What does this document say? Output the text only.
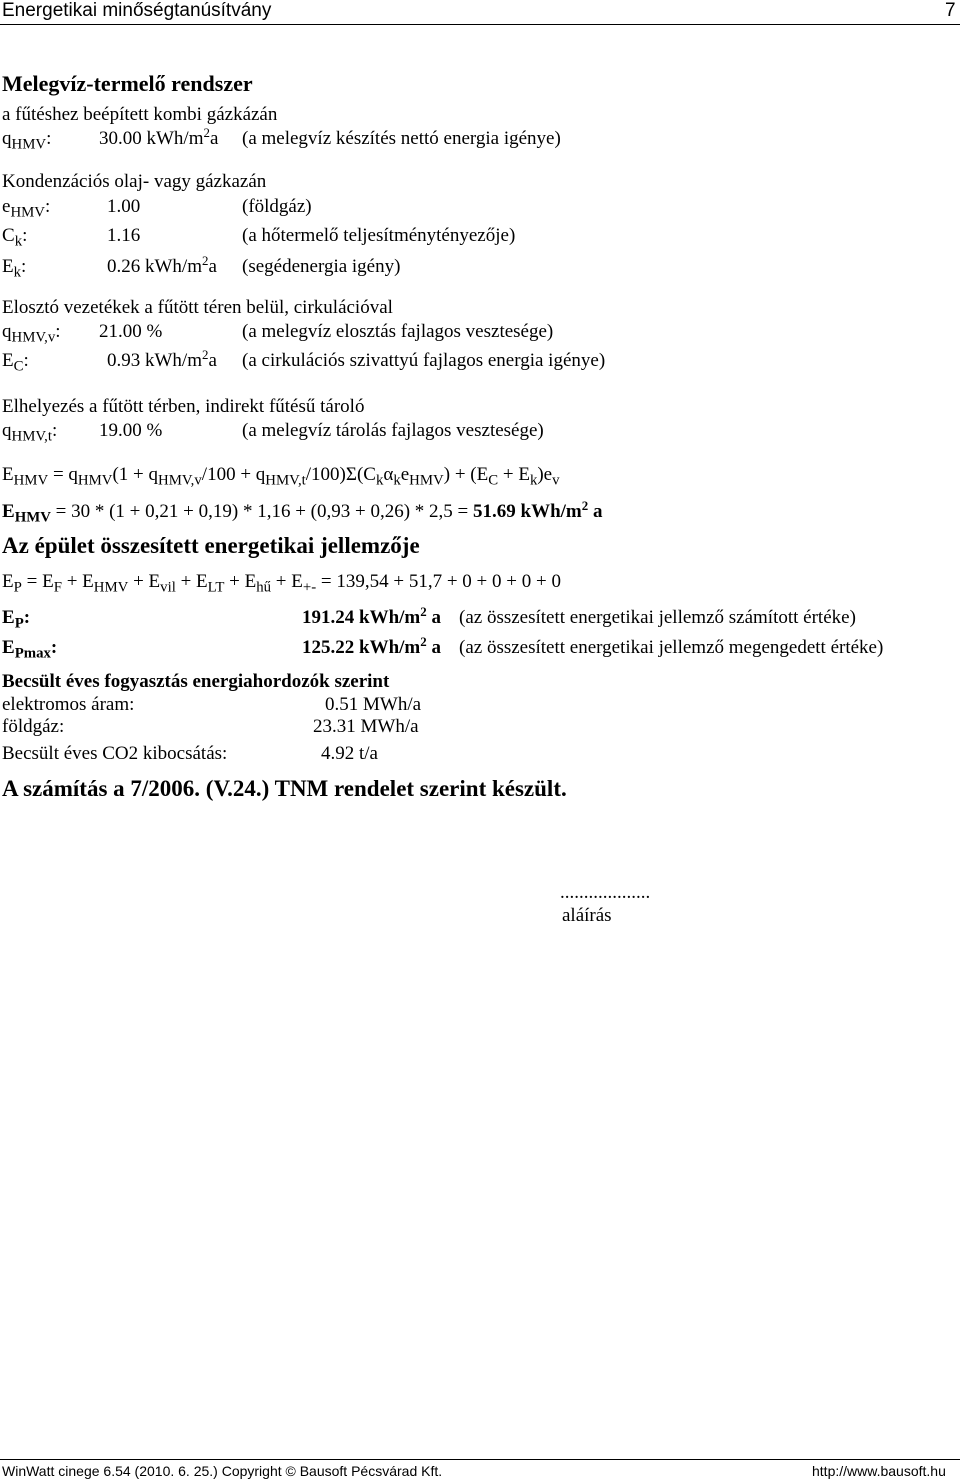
Energetikai minőségtanúsítvány	7
Melegvíz-termelő rendszer
a fűtéshez beépített kombi gázkázán
$q_{HMV}$:	30.00 kWh/$m^2a$ (a melegvíz készítés nettó energia igénye)
Kondenzációs olaj- vagy gázkazán
$e_{HMV}$:	1.00	(földgáz)
$C_k$:	1.16	(a hőtermelő teljesítménytényezője)
$E_k$:	0.26 kWh/$m^2a$ (segédenergia igény)
Elosztó vezetékek a fűtött téren belül, cirkulációval
$q_{HMV,v}$: 21.00 %	(a melegvíz elosztás fajlagos vesztesége)
$E_C$:	0.93 kWh/$m^2a$ (a cirkulációs szivattyú fajlagos energia igénye)
Elhelyezés a fűtött térben, indirekt fűtésű tároló
$q_{HMV,t}$: 19.00 %	(a melegvíz tárolás fajlagos vesztesége)
$E_{HMV} = q_{HMV}(1 + q_{HMV,v}/100 + q_{HMV,t}/100)\Sigma(C_k\alpha_ke_{HMV}) + (E_C + E_k)e_v$
$E_{HMV} = 30 * (1 + 0,21 + 0,19) * 1,16 + (0,93 + 0,26) * 2,5 = 51.69$ kWh/$m^2$ a
Az épület összesített energetikai jellemzője
$E_P = E_F + E_{HMV} + E_{vil} + E_{LT} + E_{hű} + E_{+-} = 139,54 + 51,7 + 0 + 0 + 0 + 0$
$E_P$:	191.24 kWh/$m^2$ a (az összesített energetikai jellemző számított értéke)
$E_{Pmax}$:	125.22 kWh/$m^2$ a (az összesített energetikai jellemző megengedett értéke)
Becsült éves fogyasztás energiahordozók szerint
elektromos áram:	0.51 MWh/a
földgáz:	23.31 MWh/a
Becsült éves CO2 kibocsátás:	4.92 t/a
A számítás a 7/2006. (V.24.) TNM rendelet szerint készült.
...................
aláírás
WinWatt cinege 6.54 (2010. 6. 25.) Copyright © Bausoft Pécsvárad Kft.	http://www.bausoft.hu
